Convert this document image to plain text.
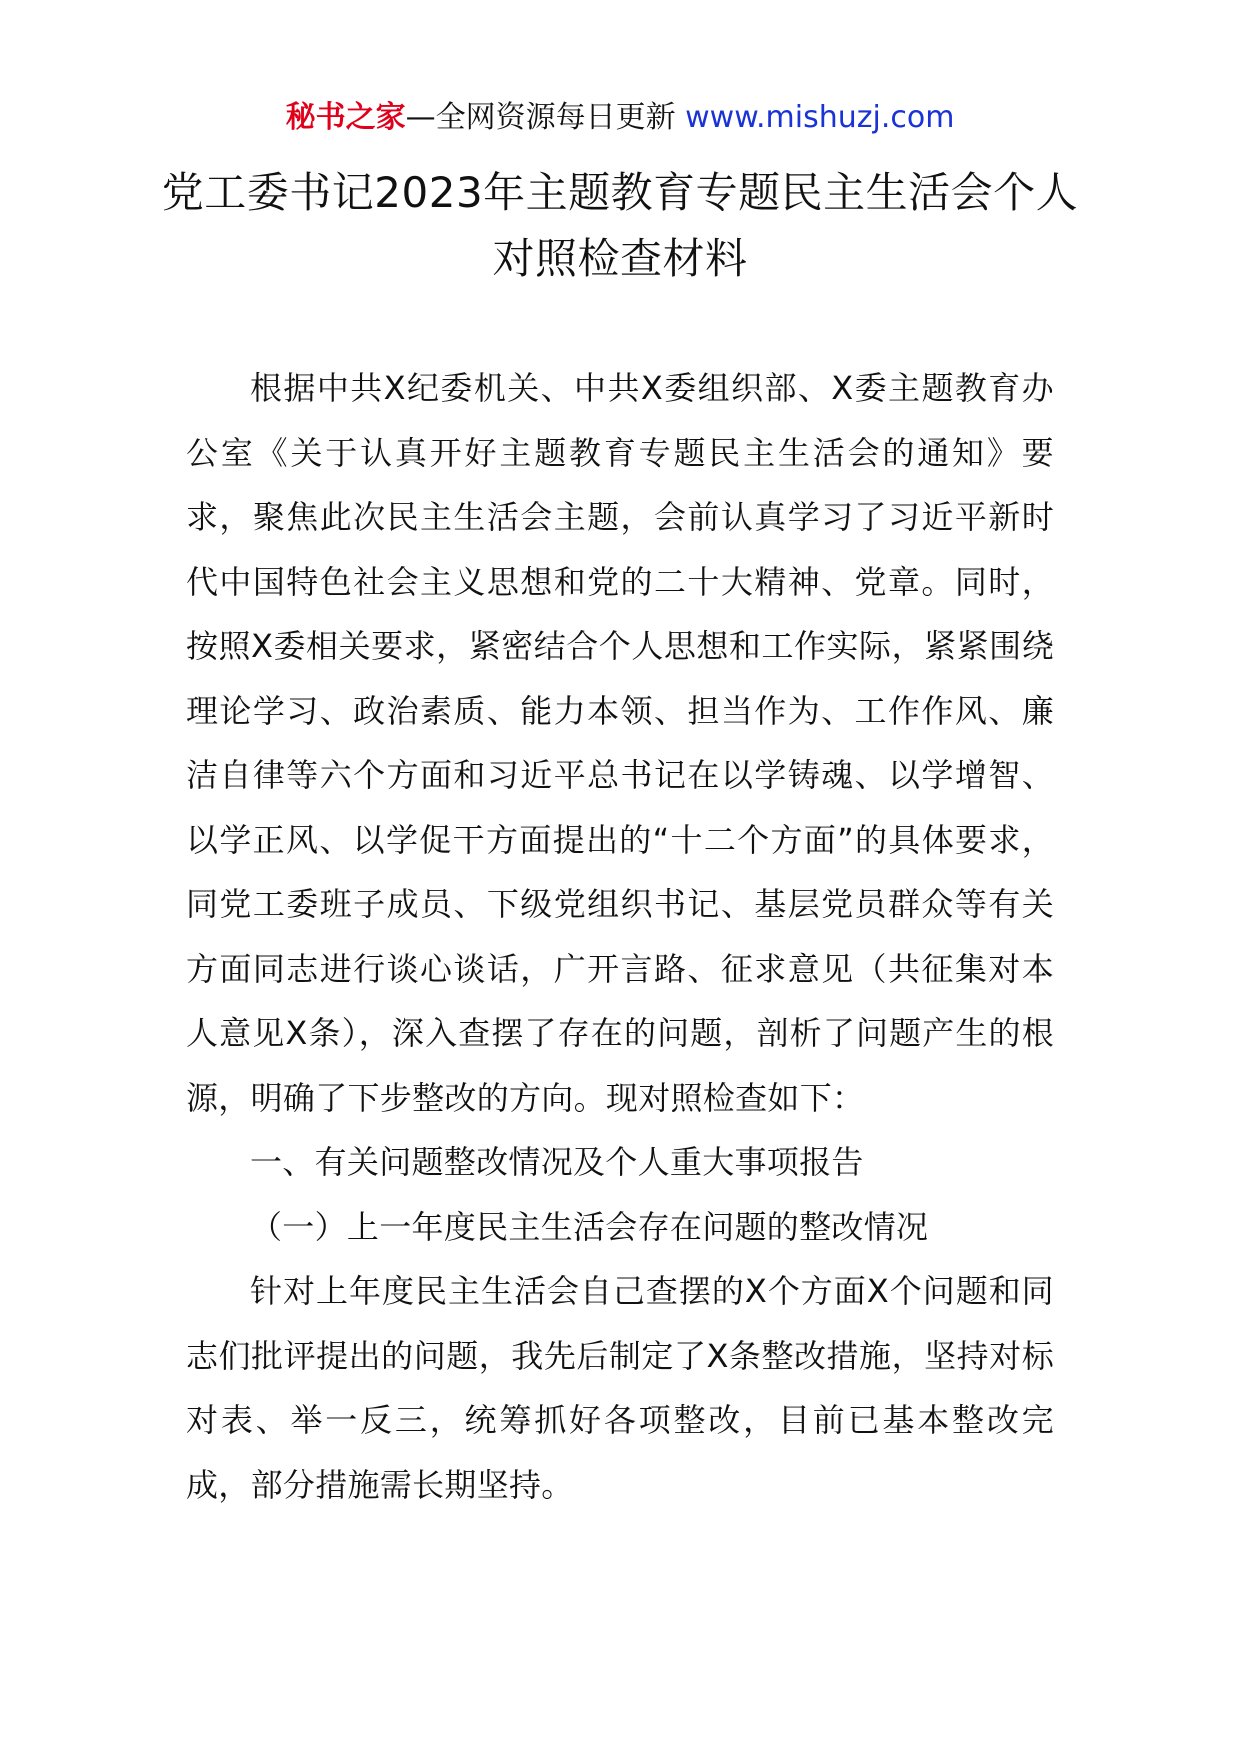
秘书之家—全网资源每日更新 www.mishuzj.com
党工委书记2023年主题教育专题民主生活会个人对照检查材料

根据中共X纪委机关、中共X委组织部、X委主题教育办公室《关于认真开好主题教育专题民主生活会的通知》要求，聚焦此次民主生活会主题，会前认真学习了习近平新时代中国特色社会主义思想和党的二十大精神、党章。同时，按照X委相关要求，紧密结合个人思想和工作实际，紧紧围绕理论学习、政治素质、能力本领、担当作为、工作作风、廉洁自律等六个方面和习近平总书记在以学铸魂、以学增智、以学正风、以学促干方面提出的“十二个方面”的具体要求，同党工委班子成员、下级党组织书记、基层党员群众等有关方面同志进行谈心谈话，广开言路、征求意见（共征集对本人意见X条），深入查摆了存在的问题，剖析了问题产生的根源，明确了下步整改的方向。现对照检查如下：

一、有关问题整改情况及个人重大事项报告

（一）上一年度民主生活会存在问题的整改情况

针对上年度民主生活会自己查摆的X个方面X个问题和同志们批评提出的问题，我先后制定了X条整改措施，坚持对标对表、举一反三，统筹抓好各项整改，目前已基本整改完成，部分措施需长期坚持。
